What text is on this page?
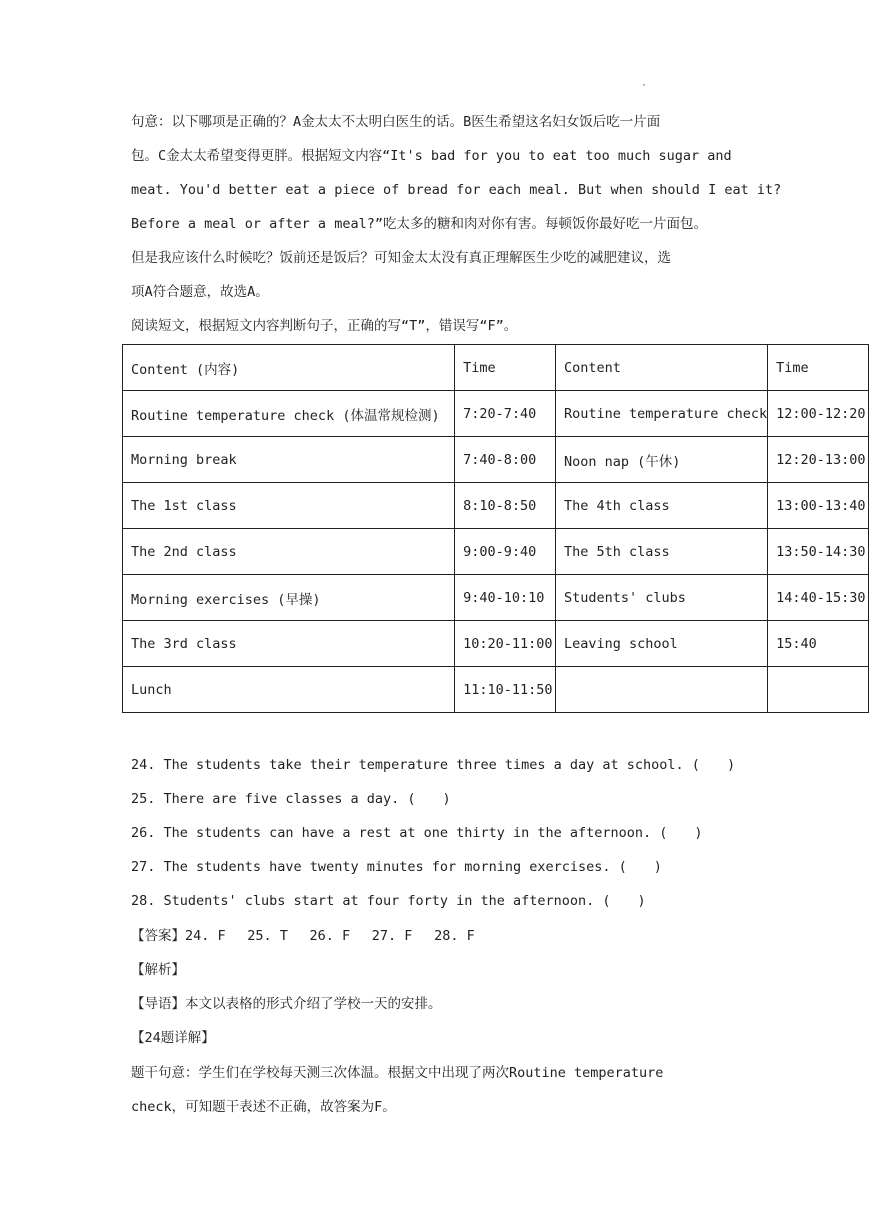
·
句意：以下哪项是正确的？A金太太不太明白医生的话。B医生希望这名妇女饭后吃一片面
包。C金太太希望变得更胖。根据短文内容“It's bad for you to eat too much sugar and
meat. You'd better eat a piece of bread for each meal. But when should I eat it?
Before a meal or after a meal?”吃太多的糖和肉对你有害。每顿饭你最好吃一片面包。
但是我应该什么时候吃？饭前还是饭后？可知金太太没有真正理解医生少吃的减肥建议，选
项A符合题意，故选A。
阅读短文，根据短文内容判断句子，正确的写“T”，错误写“F”。
Content (内容)	Time	Content	Time
Routine temperature check (体温常规检测)	7:20-7:40	Routine temperature check	12:00-12:20
Morning break	7:40-8:00	Noon nap (午休)	12:20-13:00
The 1st class	8:10-8:50	The 4th class	13:00-13:40
The 2nd class	9:00-9:40	The 5th class	13:50-14:30
Morning exercises (早操)	9:40-10:10	Students' clubs	14:40-15:30
The 3rd class	10:20-11:00	Leaving school	15:40
Lunch	11:10-11:50		
24. The students take their temperature three times a day at school. (　　)
25. There are five classes a day. (　　)
26. The students can have a rest at one thirty in the afternoon. (　　)
27. The students have twenty minutes for morning exercises. (　　)
28. Students' clubs start at four forty in the afternoon. (　　)
【答案】24. F　 25. T　 26. F　 27. F　 28. F
【解析】
【导语】本文以表格的形式介绍了学校一天的安排。
【24题详解】
题干句意：学生们在学校每天测三次体温。根据文中出现了两次Routine temperature
check，可知题干表述不正确，故答案为F。
